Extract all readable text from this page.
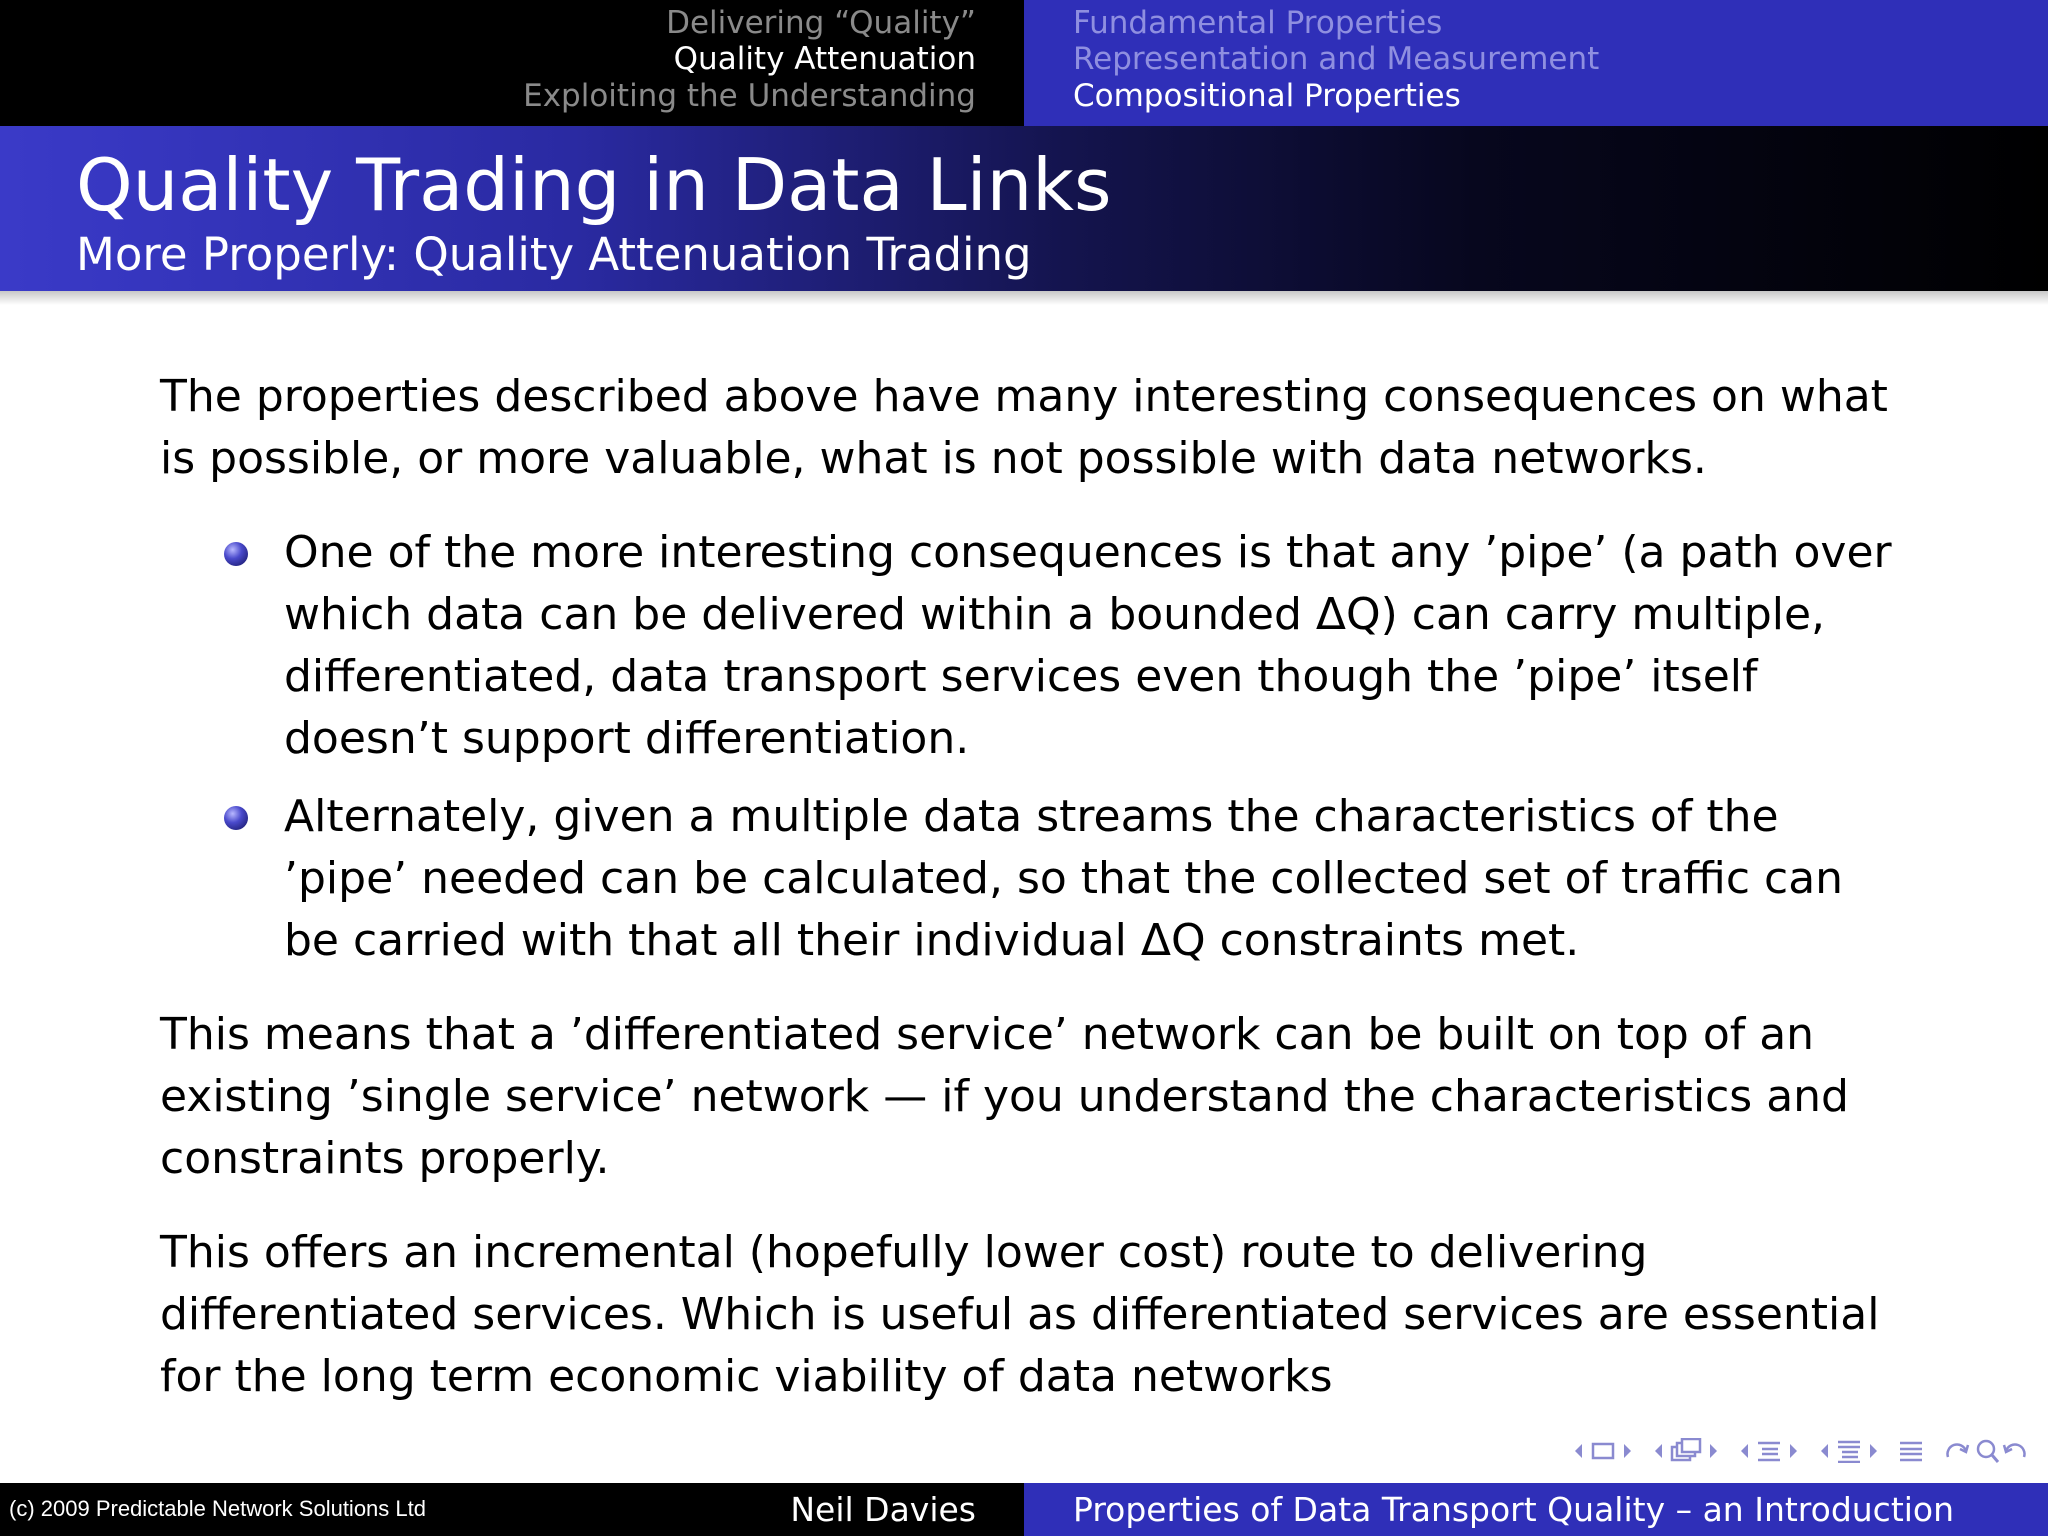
Delivering “Quality”
Quality Attenuation
Exploiting the Understanding
Fundamental Properties
Representation and Measurement
Compositional Properties
Quality Trading in Data Links
More Properly: Quality Attenuation Trading

The properties described above have many interesting consequences on what is possible, or more valuable, what is not possible with data networks.

One of the more interesting consequences is that any ’pipe’ (a path over which data can be delivered within a bounded ΔQ) can carry multiple, differentiated, data transport services even though the ’pipe’ itself doesn’t support differentiation.
Alternately, given a multiple data streams the characteristics of the ’pipe’ needed can be calculated, so that the collected set of traffic can be carried with that all their individual ΔQ constraints met.

This means that a ’differentiated service’ network can be built on top of an existing ’single service’ network — if you understand the characteristics and constraints properly.

This offers an incremental (hopefully lower cost) route to delivering differentiated services. Which is useful as differentiated services are essential for the long term economic viability of data networks

(c) 2009 Predictable Network Solutions Ltd	Neil Davies	Properties of Data Transport Quality – an Introduction
